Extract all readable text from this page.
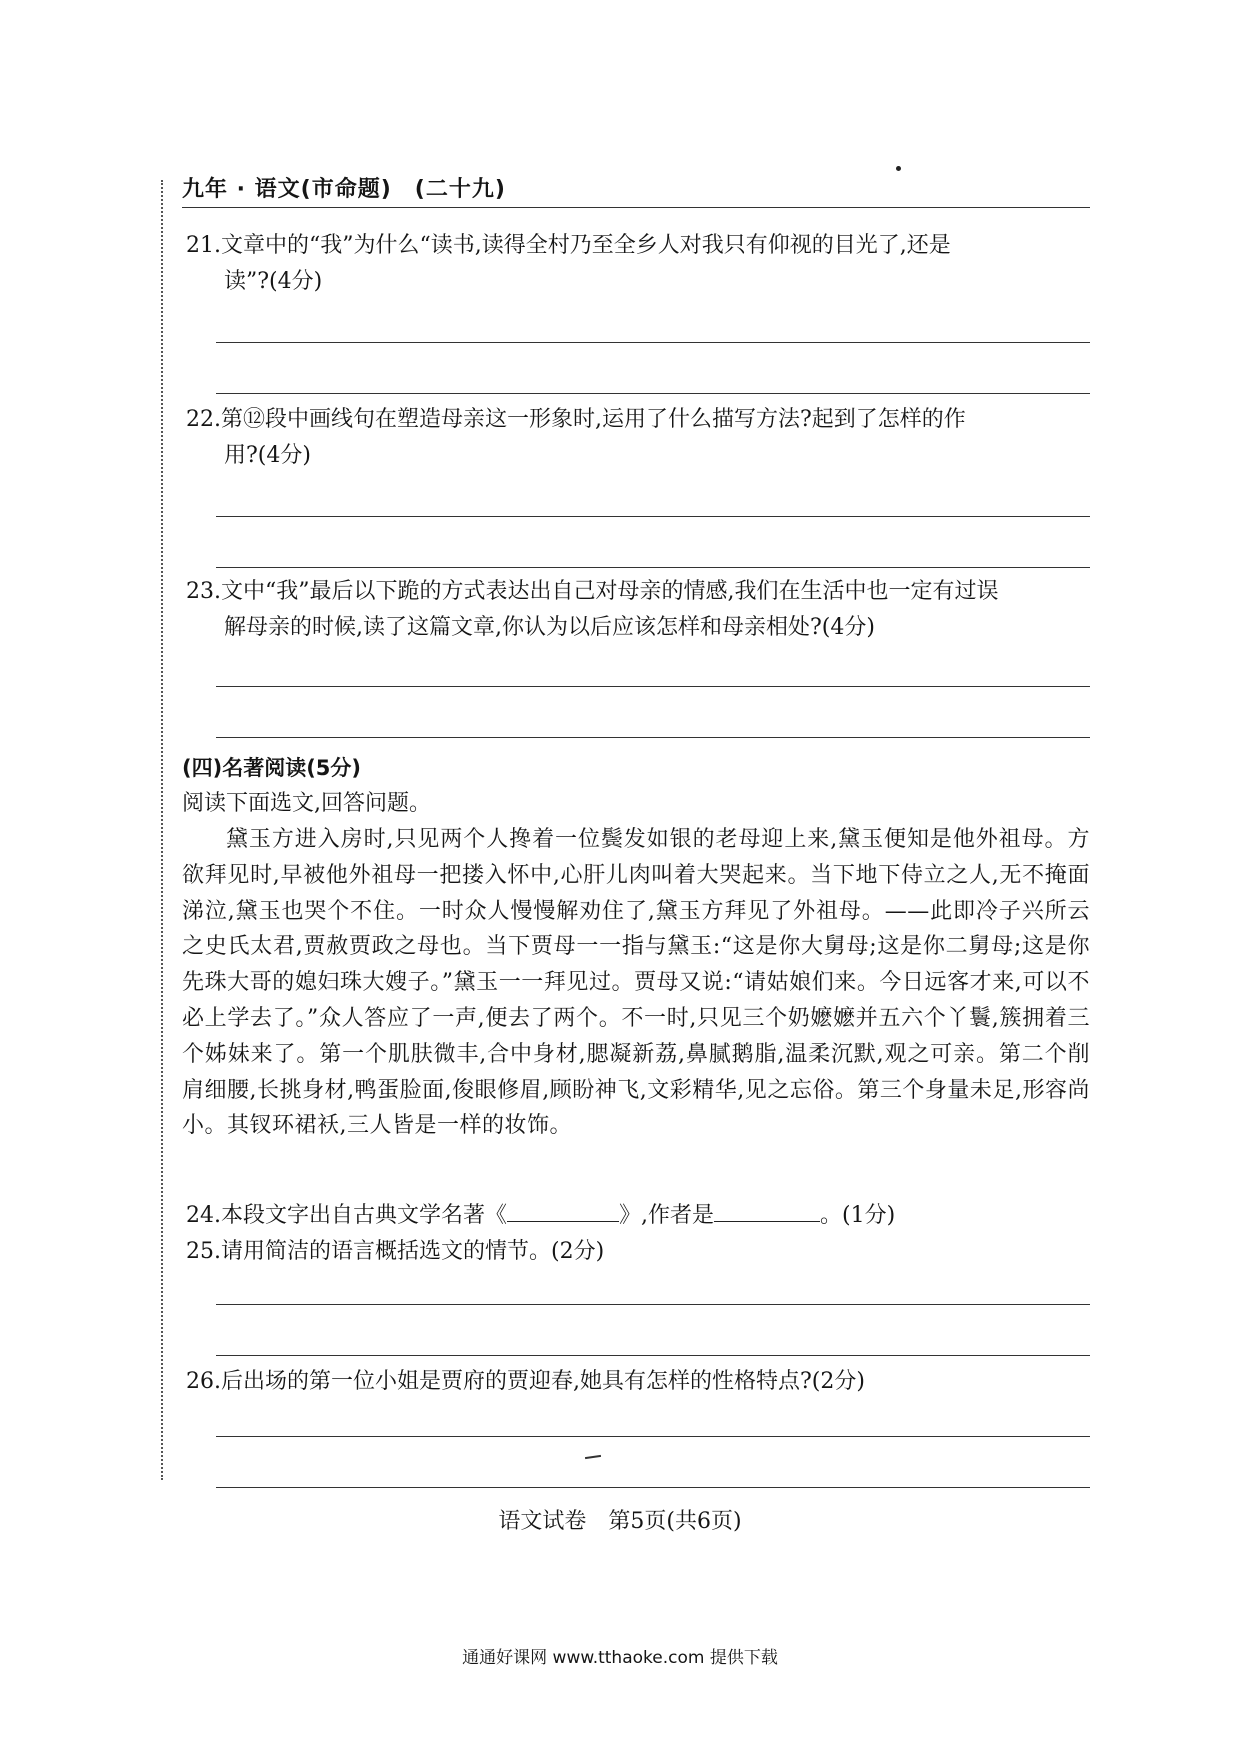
九年 · 语文(市命题)　(二十九)
21.文章中的“我”为什么“读书,读得全村乃至全乡人对我只有仰视的目光了,还是
读”?(4分)
22.第⑫段中画线句在塑造母亲这一形象时,运用了什么描写方法?起到了怎样的作
用?(4分)
23.文中“我”最后以下跪的方式表达出自己对母亲的情感,我们在生活中也一定有过误
解母亲的时候,读了这篇文章,你认为以后应该怎样和母亲相处?(4分)
(四)名著阅读(5分)
阅读下面选文,回答问题。

黛玉方进入房时,只见两个人搀着一位鬓发如银的老母迎上来,黛玉便知是他外祖母。方欲拜见时,早被他外祖母一把搂入怀中,心肝儿肉叫着大哭起来。当下地下侍立之人,无不掩面涕泣,黛玉也哭个不住。一时众人慢慢解劝住了,黛玉方拜见了外祖母。——此即冷子兴所云之史氏太君,贾赦贾政之母也。当下贾母一一指与黛玉:“这是你大舅母;这是你二舅母;这是你先珠大哥的媳妇珠大嫂子。”黛玉一一拜见过。贾母又说:“请姑娘们来。今日远客才来,可以不必上学去了。”众人答应了一声,便去了两个。不一时,只见三个奶嬷嬷并五六个丫鬟,簇拥着三个姊妹来了。第一个肌肤微丰,合中身材,腮凝新荔,鼻腻鹅脂,温柔沉默,观之可亲。第二个削肩细腰,长挑身材,鸭蛋脸面,俊眼修眉,顾盼神飞,文彩精华,见之忘俗。第三个身量未足,形容尚小。其钗环裙袄,三人皆是一样的妆饰。

24.本段文字出自古典文学名著《	》,作者是	。(1分)
25.请用简洁的语言概括选文的情节。(2分)
26.后出场的第一位小姐是贾府的贾迎春,她具有怎样的性格特点?(2分)
语文试卷　第5页(共6页)
通通好课网 www.tthaoke.com 提供下载
